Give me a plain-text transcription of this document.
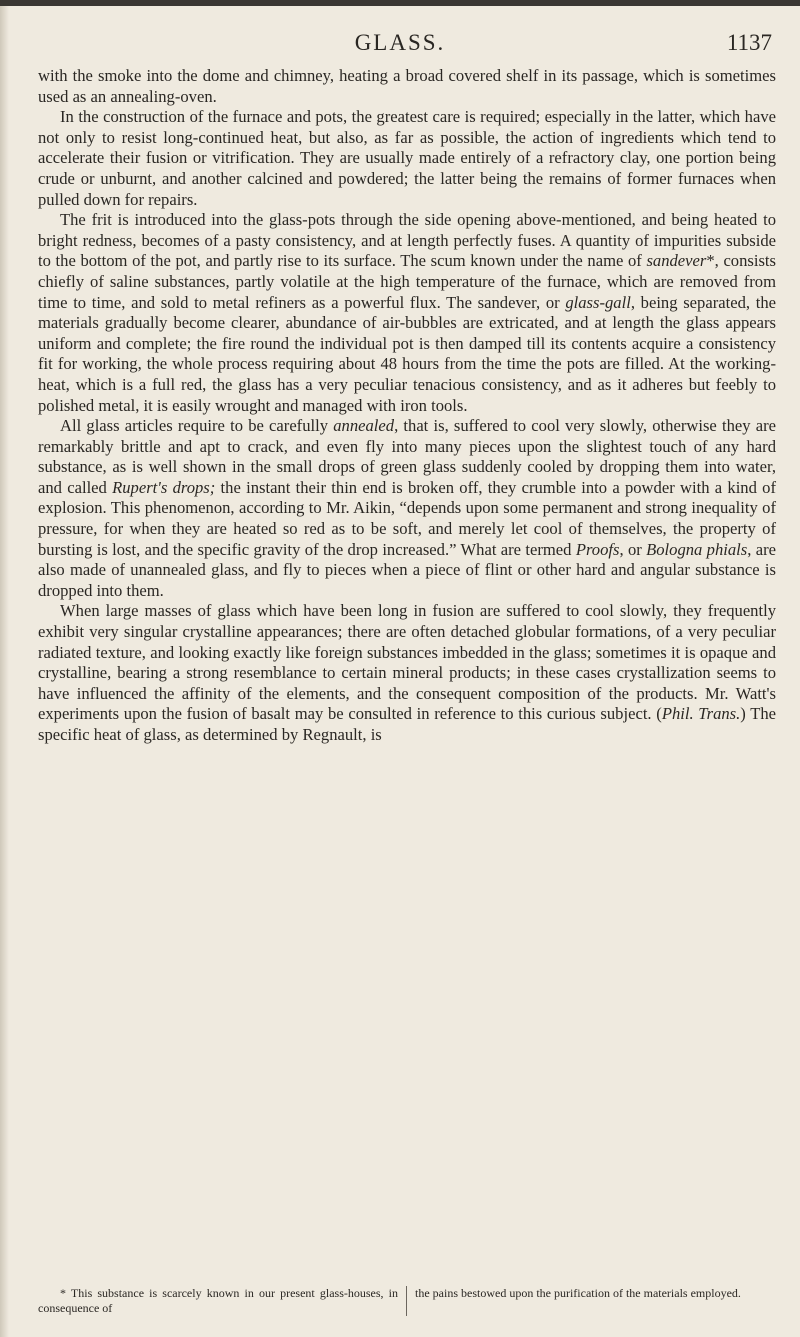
GLASS.	1137

with the smoke into the dome and chimney, heating a broad covered shelf in its passage, which is sometimes used as an annealing-oven.

In the construction of the furnace and pots, the greatest care is required; especially in the latter, which have not only to resist long-continued heat, but also, as far as possible, the action of ingredients which tend to accelerate their fusion or vitrification. They are usually made entirely of a refractory clay, one portion being crude or unburnt, and another calcined and powdered; the latter being the remains of former furnaces when pulled down for repairs.

The frit is introduced into the glass-pots through the side opening above-mentioned, and being heated to bright redness, becomes of a pasty consistency, and at length perfectly fuses. A quantity of impurities subside to the bottom of the pot, and partly rise to its surface. The scum known under the name of sandever*, consists chiefly of saline substances, partly volatile at the high temperature of the furnace, which are removed from time to time, and sold to metal refiners as a powerful flux. The sandever, or glass-gall, being separated, the materials gradually become clearer, abundance of air-bubbles are extricated, and at length the glass appears uniform and complete; the fire round the individual pot is then damped till its contents acquire a consistency fit for working, the whole process requiring about 48 hours from the time the pots are filled. At the working-heat, which is a full red, the glass has a very peculiar tenacious consistency, and as it adheres but feebly to polished metal, it is easily wrought and managed with iron tools.

All glass articles require to be carefully annealed, that is, suffered to cool very slowly, otherwise they are remarkably brittle and apt to crack, and even fly into many pieces upon the slightest touch of any hard substance, as is well shown in the small drops of green glass suddenly cooled by dropping them into water, and called Rupert's drops; the instant their thin end is broken off, they crumble into a powder with a kind of explosion. This phenomenon, according to Mr. Aikin, “depends upon some permanent and strong inequality of pressure, for when they are heated so red as to be soft, and merely let cool of themselves, the property of bursting is lost, and the specific gravity of the drop increased.” What are termed Proofs, or Bologna phials, are also made of unannealed glass, and fly to pieces when a piece of flint or other hard and angular substance is dropped into them.

When large masses of glass which have been long in fusion are suffered to cool slowly, they frequently exhibit very singular crystalline appearances; there are often detached globular formations, of a very peculiar radiated texture, and looking exactly like foreign substances imbedded in the glass; sometimes it is opaque and crystalline, bearing a strong resemblance to certain mineral products; in these cases crystallization seems to have influenced the affinity of the elements, and the consequent composition of the products. Mr. Watt's experiments upon the fusion of basalt may be consulted in reference to this curious subject. (Phil. Trans.) The specific heat of glass, as determined by Regnault, is

* This substance is scarcely known in our present glass-houses, in consequence of
the pains bestowed upon the purification of the materials employed.
